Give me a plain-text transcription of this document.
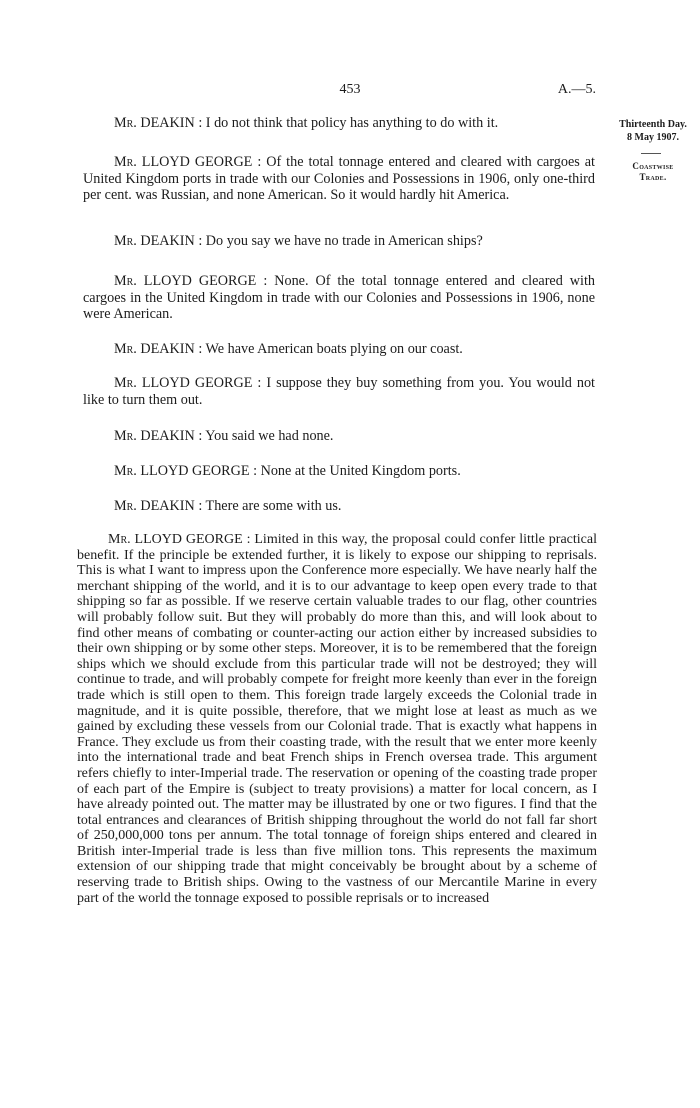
453	A.—5.
Thirteenth Day.
8 May 1907.
Coastwise
Trade.

Mr. DEAKIN : I do not think that policy has anything to do with it.

Mr. LLOYD GEORGE : Of the total tonnage entered and cleared with cargoes at United Kingdom ports in trade with our Colonies and Possessions in 1906, only one-third per cent. was Russian, and none American. So it would hardly hit America.

Mr. DEAKIN : Do you say we have no trade in American ships?

Mr. LLOYD GEORGE : None. Of the total tonnage entered and cleared with cargoes in the United Kingdom in trade with our Colonies and Possessions in 1906, none were American.

Mr. DEAKIN : We have American boats plying on our coast.

Mr. LLOYD GEORGE : I suppose they buy something from you. You would not like to turn them out.

Mr. DEAKIN : You said we had none.

Mr. LLOYD GEORGE : None at the United Kingdom ports.

Mr. DEAKIN : There are some with us.

Mr. LLOYD GEORGE : Limited in this way, the proposal could confer little practical benefit. If the principle be extended further, it is likely to expose our shipping to reprisals. This is what I want to impress upon the Conference more especially. We have nearly half the merchant shipping of the world, and it is to our advantage to keep open every trade to that shipping so far as possible. If we reserve certain valuable trades to our flag, other countries will probably follow suit. But they will probably do more than this, and will look about to find other means of combating or counter-acting our action either by increased subsidies to their own shipping or by some other steps. Moreover, it is to be remembered that the foreign ships which we should exclude from this particular trade will not be destroyed; they will continue to trade, and will probably compete for freight more keenly than ever in the foreign trade which is still open to them. This foreign trade largely exceeds the Colonial trade in magnitude, and it is quite possible, therefore, that we might lose at least as much as we gained by excluding these vessels from our Colonial trade. That is exactly what happens in France. They exclude us from their coasting trade, with the result that we enter more keenly into the international trade and beat French ships in French oversea trade. This argument refers chiefly to inter-Imperial trade. The reservation or opening of the coasting trade proper of each part of the Empire is (subject to treaty provisions) a matter for local concern, as I have already pointed out. The matter may be illustrated by one or two figures. I find that the total entrances and clearances of British shipping throughout the world do not fall far short of 250,000,000 tons per annum. The total tonnage of foreign ships entered and cleared in British inter-Imperial trade is less than five million tons. This represents the maximum extension of our shipping trade that might conceivably be brought about by a scheme of reserving trade to British ships. Owing to the vastness of our Mercantile Marine in every part of the world the tonnage exposed to possible reprisals or to increased
